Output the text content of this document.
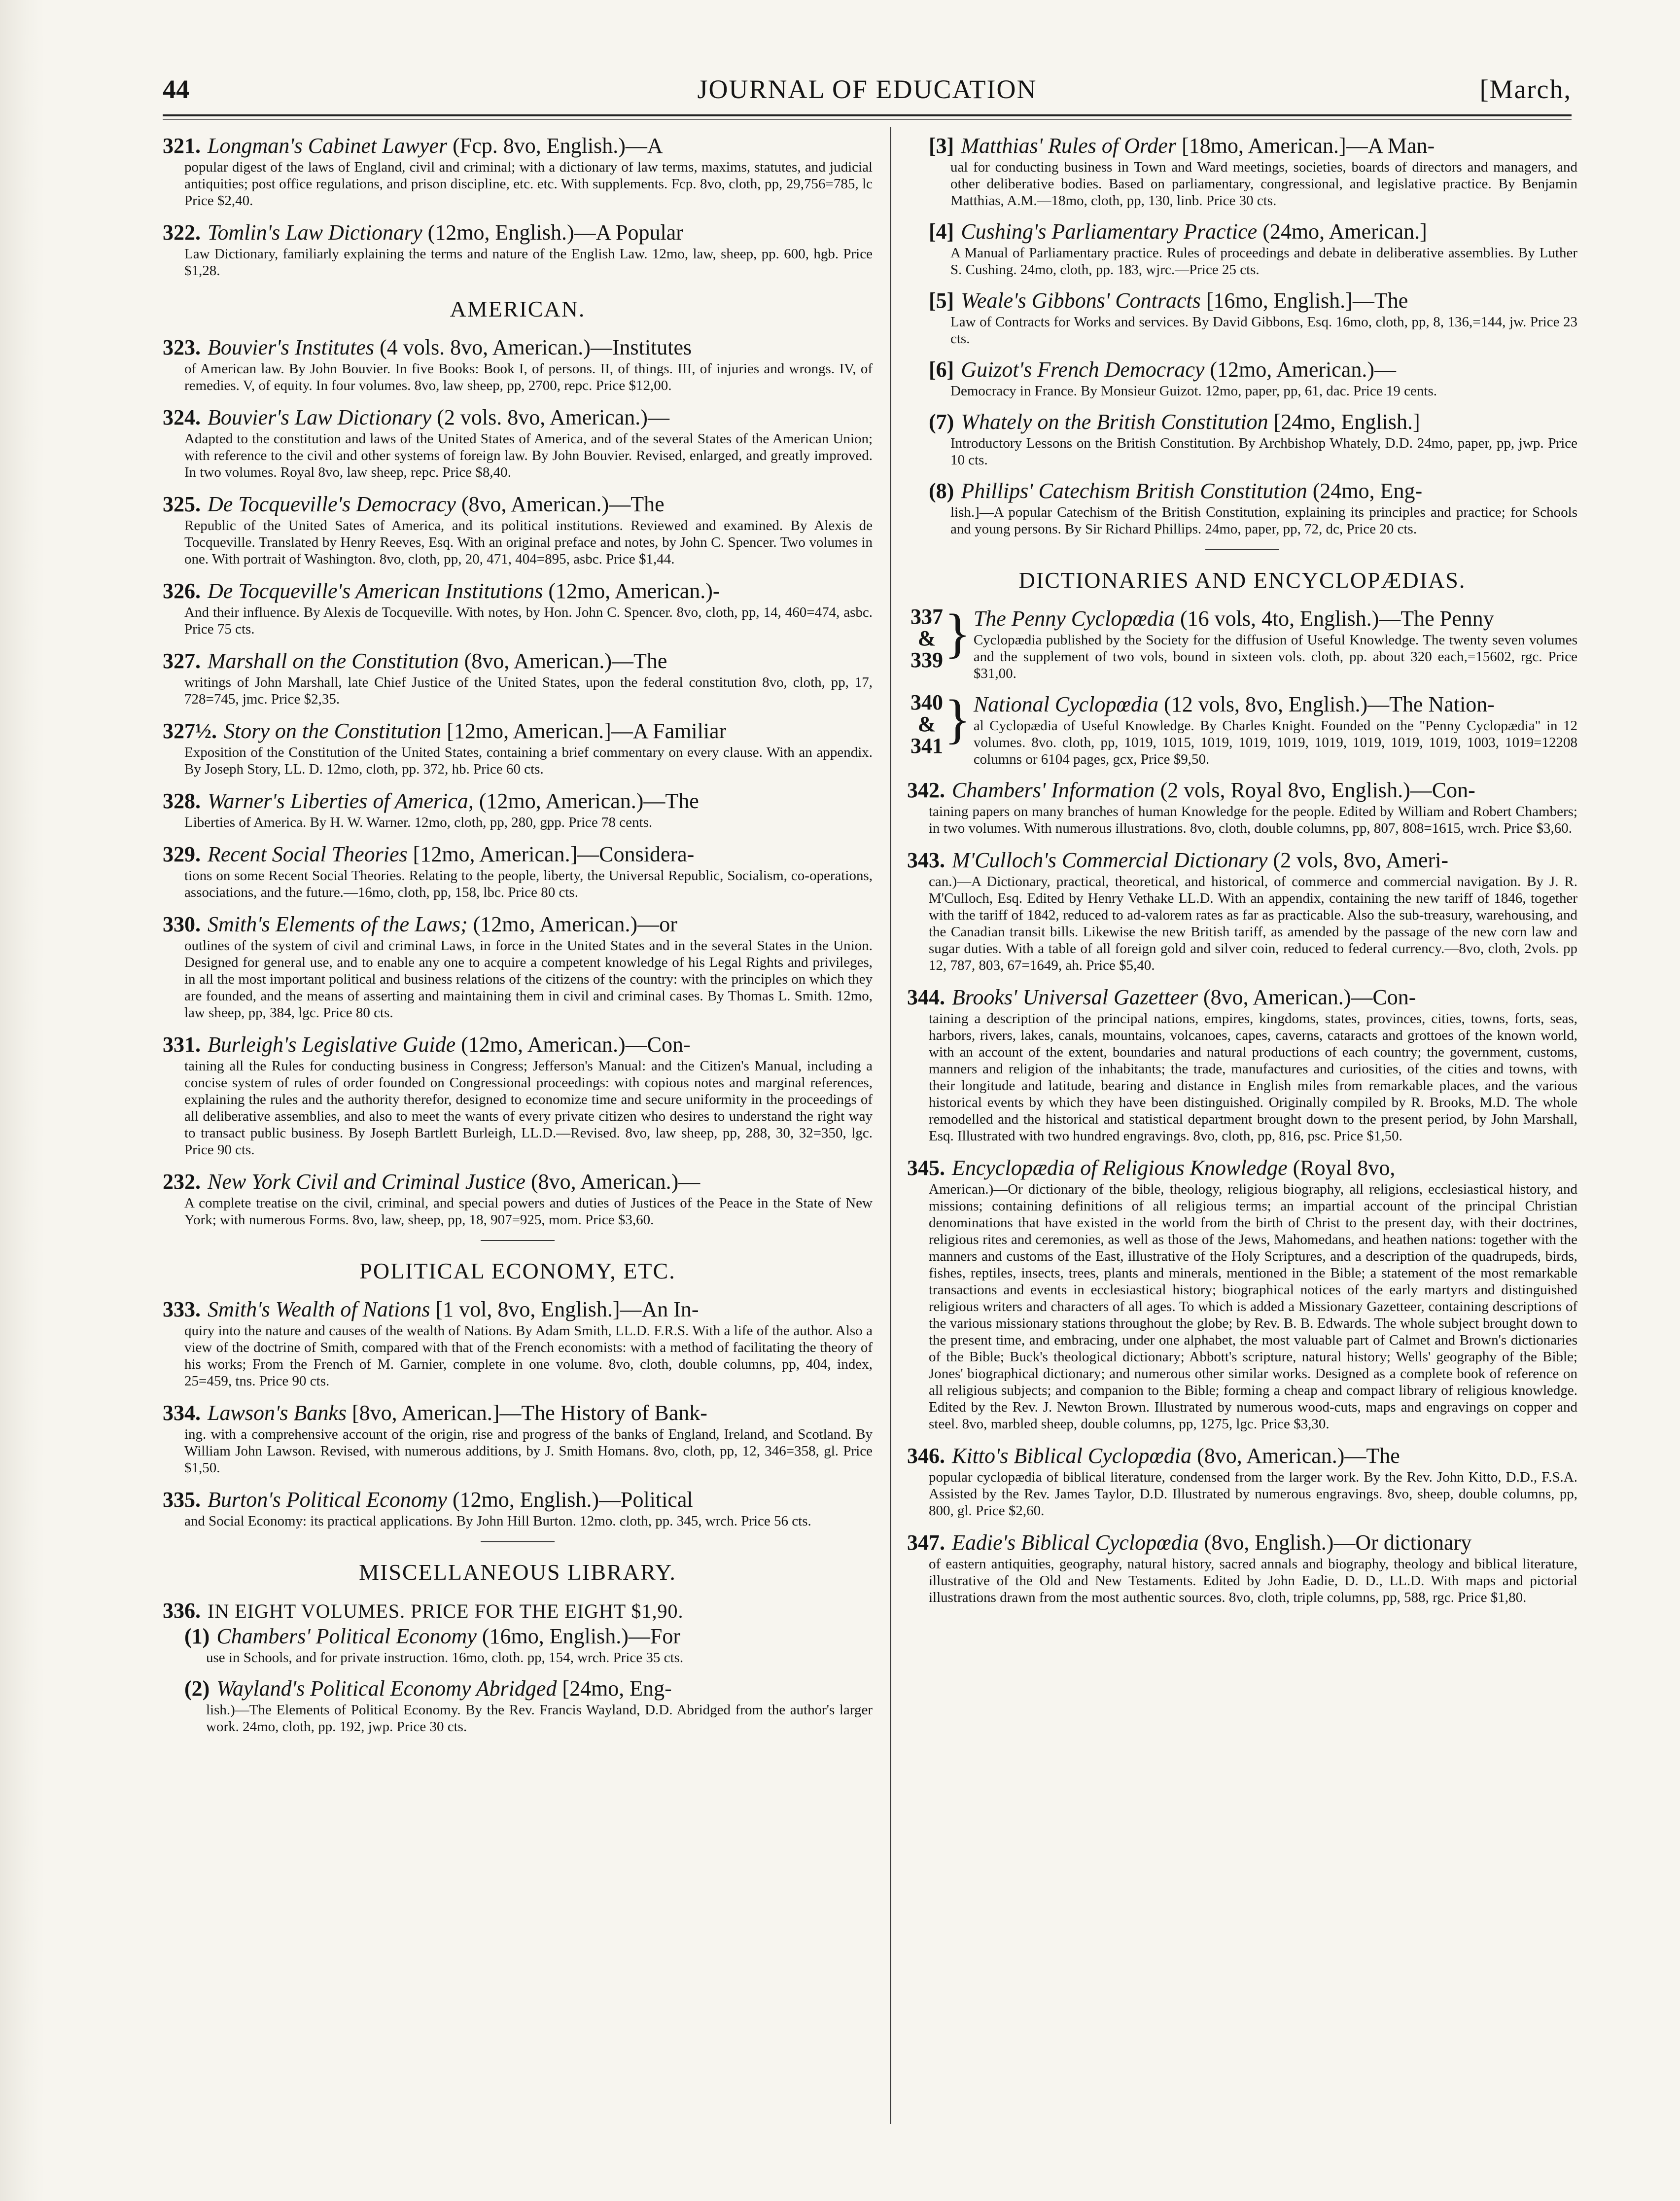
44	JOURNAL OF EDUCATION	[March,
321. Longman's Cabinet Lawyer (Fcp. 8vo, English.)—A
popular digest of the laws of England, civil and criminal; with a dictionary of law terms, maxims, statutes, and judicial antiquities; post office regulations, and prison discipline, etc. etc. With supplements. Fcp. 8vo, cloth, pp, 29,756=785, lc Price $2,40.
322. Tomlin's Law Dictionary (12mo, English.)—A Popular
Law Dictionary, familiarly explaining the terms and nature of the English Law. 12mo, law, sheep, pp. 600, hgb. Price $1,28.
AMERICAN.
323. Bouvier's Institutes (4 vols. 8vo, American.)—Institutes
of American law. By John Bouvier. In five Books: Book I, of persons. II, of things. III, of injuries and wrongs. IV, of remedies. V, of equity. In four volumes. 8vo, law sheep, pp, 2700, repc. Price $12,00.
324. Bouvier's Law Dictionary (2 vols. 8vo, American.)—
Adapted to the constitution and laws of the United States of America, and of the several States of the American Union; with reference to the civil and other systems of foreign law. By John Bouvier. Revised, enlarged, and greatly improved. In two volumes. Royal 8vo, law sheep, repc. Price $8,40.
325. De Tocqueville's Democracy (8vo, American.)—The
Republic of the United Sates of America, and its political institutions. Reviewed and examined. By Alexis de Tocqueville. Translated by Henry Reeves, Esq. With an original preface and notes, by John C. Spencer. Two volumes in one. With portrait of Washington. 8vo, cloth, pp, 20, 471, 404=895, asbc. Price $1,44.
326. De Tocqueville's American Institutions (12mo, American.)-
And their influence. By Alexis de Tocqueville. With notes, by Hon. John C. Spencer. 8vo, cloth, pp, 14, 460=474, asbc. Price 75 cts.
327. Marshall on the Constitution (8vo, American.)—The
writings of John Marshall, late Chief Justice of the United States, upon the federal constitution 8vo, cloth, pp, 17, 728=745, jmc. Price $2,35.
327½. Story on the Constitution [12mo, American.]—A Familiar
Exposition of the Constitution of the United States, containing a brief commentary on every clause. With an appendix. By Joseph Story, LL. D. 12mo, cloth, pp. 372, hb. Price 60 cts.
328. Warner's Liberties of America, (12mo, American.)—The
Liberties of America. By H. W. Warner. 12mo, cloth, pp, 280, gpp. Price 78 cents.
329. Recent Social Theories [12mo, American.]—Considera-
tions on some Recent Social Theories. Relating to the people, liberty, the Universal Republic, Socialism, co-operations, associations, and the future.—16mo, cloth, pp, 158, lbc. Price 80 cts.
330. Smith's Elements of the Laws; (12mo, American.)—or
outlines of the system of civil and criminal Laws, in force in the United States and in the several States in the Union. Designed for general use, and to enable any one to acquire a competent knowledge of his Legal Rights and privileges, in all the most important political and business relations of the citizens of the country: with the principles on which they are founded, and the means of asserting and maintaining them in civil and criminal cases. By Thomas L. Smith. 12mo, law sheep, pp, 384, lgc. Price 80 cts.
331. Burleigh's Legislative Guide (12mo, American.)—Con-
taining all the Rules for conducting business in Congress; Jefferson's Manual: and the Citizen's Manual, including a concise system of rules of order founded on Congressional proceedings: with copious notes and marginal references, explaining the rules and the authority therefor, designed to economize time and secure uniformity in the proceedings of all deliberative assemblies, and also to meet the wants of every private citizen who desires to understand the right way to transact public business. By Joseph Bartlett Burleigh, LL.D.—Revised. 8vo, law sheep, pp, 288, 30, 32=350, lgc. Price 90 cts.
232. New York Civil and Criminal Justice (8vo, American.)—
A complete treatise on the civil, criminal, and special powers and duties of Justices of the Peace in the State of New York; with numerous Forms. 8vo, law, sheep, pp, 18, 907=925, mom. Price $3,60.
POLITICAL ECONOMY, ETC.
333. Smith's Wealth of Nations [1 vol, 8vo, English.]—An In-
quiry into the nature and causes of the wealth of Nations. By Adam Smith, LL.D. F.R.S. With a life of the author. Also a view of the doctrine of Smith, compared with that of the French economists: with a method of facilitating the theory of his works; From the French of M. Garnier, complete in one volume. 8vo, cloth, double columns, pp, 404, index, 25=459, tns. Price 90 cts.
334. Lawson's Banks [8vo, American.]—The History of Bank-
ing. with a comprehensive account of the origin, rise and progress of the banks of England, Ireland, and Scotland. By William John Lawson. Revised, with numerous additions, by J. Smith Homans. 8vo, cloth, pp, 12, 346=358, gl. Price $1,50.
335. Burton's Political Economy (12mo, English.)—Political
and Social Economy: its practical applications. By John Hill Burton. 12mo. cloth, pp. 345, wrch. Price 56 cts.
MISCELLANEOUS LIBRARY.
336. IN EIGHT VOLUMES. PRICE FOR THE EIGHT $1,90.
(1) Chambers' Political Economy (16mo, English.)—For
use in Schools, and for private instruction. 16mo, cloth. pp, 154, wrch. Price 35 cts.
(2) Wayland's Political Economy Abridged [24mo, Eng-
lish.)—The Elements of Political Economy. By the Rev. Francis Wayland, D.D. Abridged from the author's larger work. 24mo, cloth, pp. 192, jwp. Price 30 cts.
[3] Matthias' Rules of Order [18mo, American.]—A Man-
ual for conducting business in Town and Ward meetings, societies, boards of directors and managers, and other deliberative bodies. Based on parliamentary, congressional, and legislative practice. By Benjamin Matthias, A.M.—18mo, cloth, pp, 130, linb. Price 30 cts.
[4] Cushing's Parliamentary Practice (24mo, American.]
A Manual of Parliamentary practice. Rules of proceedings and debate in deliberative assemblies. By Luther S. Cushing. 24mo, cloth, pp. 183, wjrc.—Price 25 cts.
[5] Weale's Gibbons' Contracts [16mo, English.]—The
Law of Contracts for Works and services. By David Gibbons, Esq. 16mo, cloth, pp, 8, 136,=144, jw. Price 23 cts.
[6] Guizot's French Democracy (12mo, American.)—
Democracy in France. By Monsieur Guizot. 12mo, paper, pp, 61, dac. Price 19 cents.
(7) Whately on the British Constitution [24mo, English.]
Introductory Lessons on the British Constitution. By Archbishop Whately, D.D. 24mo, paper, pp, jwp. Price 10 cts.
(8) Phillips' Catechism British Constitution (24mo, Eng-
lish.]—A popular Catechism of the British Constitution, explaining its principles and practice; for Schools and young persons. By Sir Richard Phillips. 24mo, paper, pp, 72, dc, Price 20 cts.
DICTIONARIES AND ENCYCLOPÆDIAS.
337
&
339 } The Penny Cyclopœdia (16 vols, 4to, English.)—The Penny
Cyclopædia published by the Society for the diffusion of Useful Knowledge. The twenty seven volumes and the supplement of two vols, bound in sixteen vols. cloth, pp. about 320 each,=15602, rgc. Price $31,00.
340
&
341 } National Cyclopœdia (12 vols, 8vo, English.)—The Nation-
al Cyclopædia of Useful Knowledge. By Charles Knight. Founded on the "Penny Cyclopædia" in 12 volumes. 8vo. cloth, pp, 1019, 1015, 1019, 1019, 1019, 1019, 1019, 1019, 1019, 1003, 1019=12208 columns or 6104 pages, gcx, Price $9,50.
342. Chambers' Information (2 vols, Royal 8vo, English.)—Con-
taining papers on many branches of human Knowledge for the people. Edited by William and Robert Chambers; in two volumes. With numerous illustrations. 8vo, cloth, double columns, pp, 807, 808=1615, wrch. Price $3,60.
343. M'Culloch's Commercial Dictionary (2 vols, 8vo, Ameri-
can.)—A Dictionary, practical, theoretical, and historical, of commerce and commercial navigation. By J. R. M'Culloch, Esq. Edited by Henry Vethake LL.D. With an appendix, containing the new tariff of 1846, together with the tariff of 1842, reduced to ad-valorem rates as far as practicable. Also the sub-treasury, warehousing, and the Canadian transit bills. Likewise the new British tariff, as amended by the passage of the new corn law and sugar duties. With a table of all foreign gold and silver coin, reduced to federal currency.—8vo, cloth, 2vols. pp 12, 787, 803, 67=1649, ah. Price $5,40.
344. Brooks' Universal Gazetteer (8vo, American.)—Con-
taining a description of the principal nations, empires, kingdoms, states, provinces, cities, towns, forts, seas, harbors, rivers, lakes, canals, mountains, volcanoes, capes, caverns, cataracts and grottoes of the known world, with an account of the extent, boundaries and natural productions of each country; the government, customs, manners and religion of the inhabitants; the trade, manufactures and curiosities, of the cities and towns, with their longitude and latitude, bearing and distance in English miles from remarkable places, and the various historical events by which they have been distinguished. Originally compiled by R. Brooks, M.D. The whole remodelled and the historical and statistical department brought down to the present period, by John Marshall, Esq. Illustrated with two hundred engravings. 8vo, cloth, pp, 816, psc. Price $1,50.
345. Encyclopædia of Religious Knowledge (Royal 8vo,
American.)—Or dictionary of the bible, theology, religious biography, all religions, ecclesiastical history, and missions; containing definitions of all religious terms; an impartial account of the principal Christian denominations that have existed in the world from the birth of Christ to the present day, with their doctrines, religious rites and ceremonies, as well as those of the Jews, Mahomedans, and heathen nations: together with the manners and customs of the East, illustrative of the Holy Scriptures, and a description of the quadrupeds, birds, fishes, reptiles, insects, trees, plants and minerals, mentioned in the Bible; a statement of the most remarkable transactions and events in ecclesiastical history; biographical notices of the early martyrs and distinguished religious writers and characters of all ages. To which is added a Missionary Gazetteer, containing descriptions of the various missionary stations throughout the globe; by Rev. B. B. Edwards. The whole subject brought down to the present time, and embracing, under one alphabet, the most valuable part of Calmet and Brown's dictionaries of the Bible; Buck's theological dictionary; Abbott's scripture, natural history; Wells' geography of the Bible; Jones' biographical dictionary; and numerous other similar works. Designed as a complete book of reference on all religious subjects; and companion to the Bible; forming a cheap and compact library of religious knowledge. Edited by the Rev. J. Newton Brown. Illustrated by numerous wood-cuts, maps and engravings on copper and steel. 8vo, marbled sheep, double columns, pp, 1275, lgc. Price $3,30.
346. Kitto's Biblical Cyclopœdia (8vo, American.)—The
popular cyclopædia of biblical literature, condensed from the larger work. By the Rev. John Kitto, D.D., F.S.A. Assisted by the Rev. James Taylor, D.D. Illustrated by numerous engravings. 8vo, sheep, double columns, pp, 800, gl. Price $2,60.
347. Eadie's Biblical Cyclopœdia (8vo, English.)—Or dictionary
of eastern antiquities, geography, natural history, sacred annals and biography, theology and biblical literature, illustrative of the Old and New Testaments. Edited by John Eadie, D. D., LL.D. With maps and pictorial illustrations drawn from the most authentic sources. 8vo, cloth, triple columns, pp, 588, rgc. Price $1,80.
